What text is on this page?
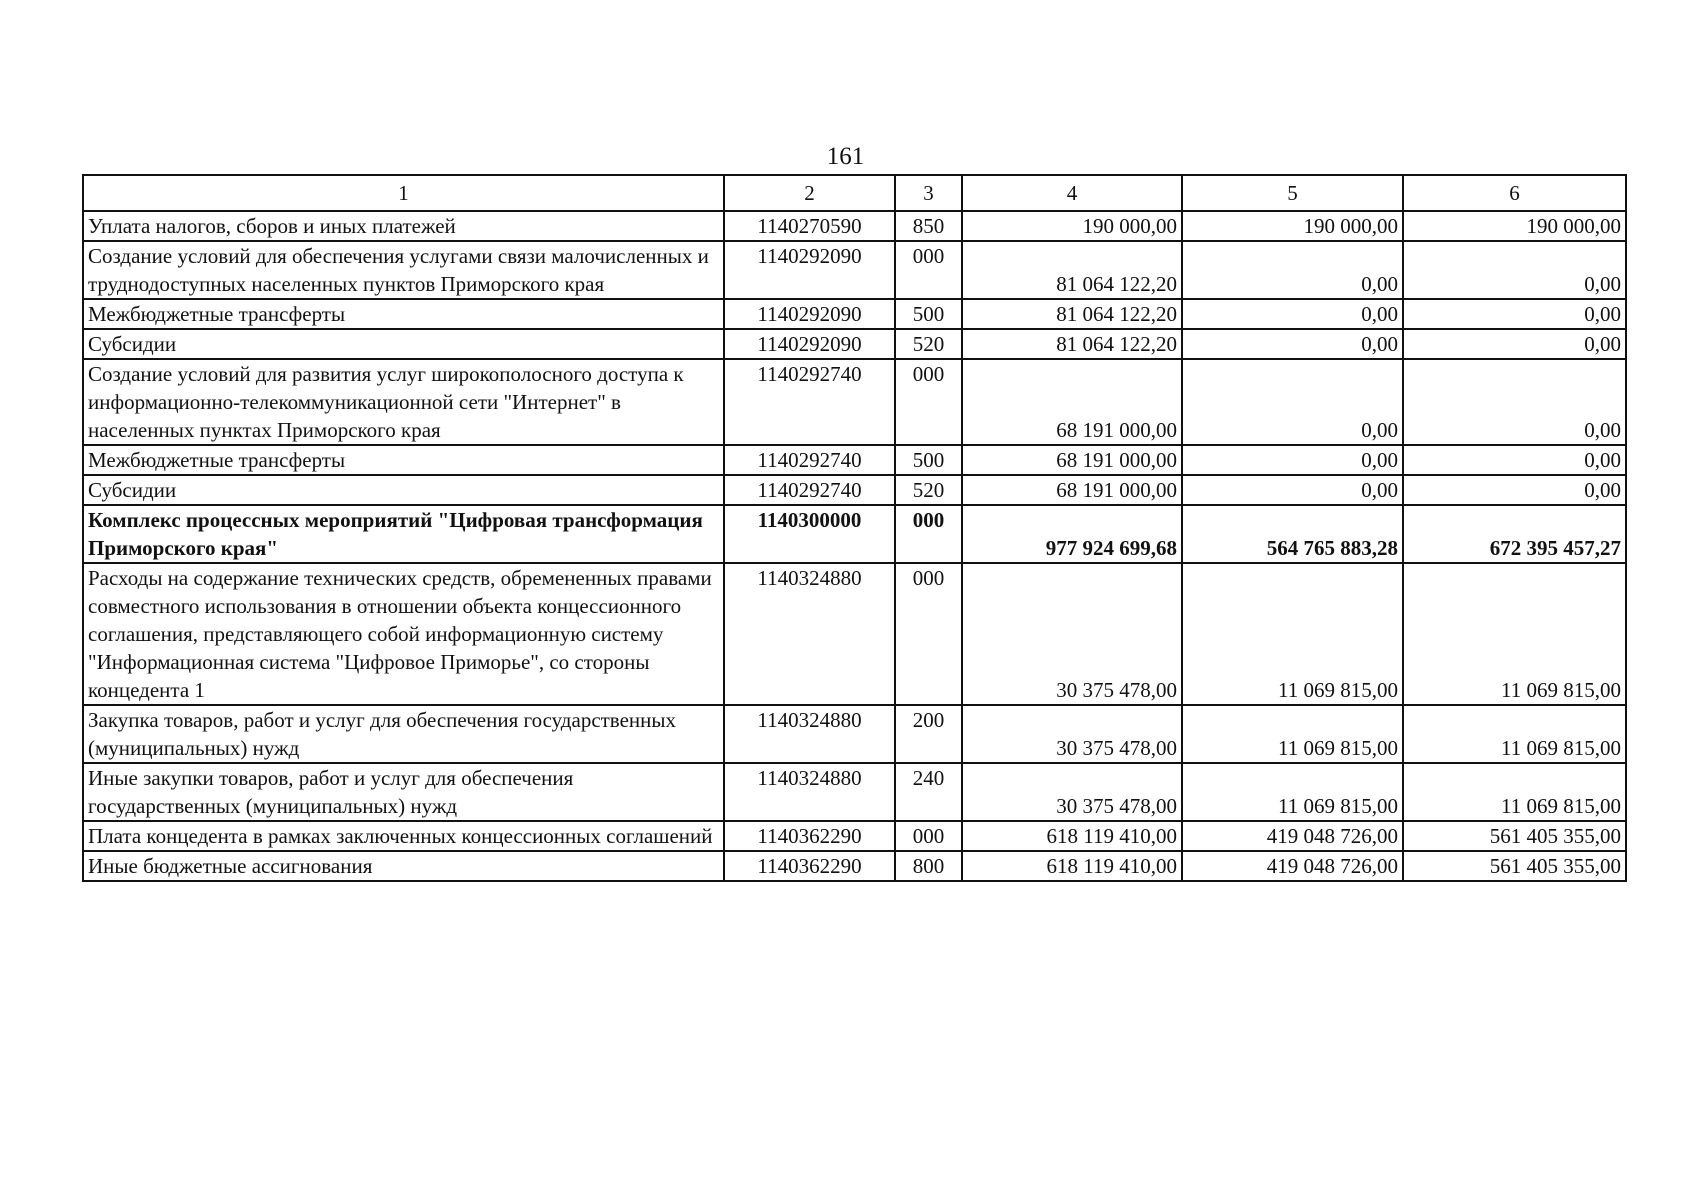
161
1	2	3	4	5	6
Уплата налогов, сборов и иных платежей	1140270590	850	190 000,00	190 000,00	190 000,00
Создание условий для обеспечения услугами связи малочисленных и труднодоступных населенных пунктов Приморского края	1140292090	000	81 064 122,20	0,00	0,00
Межбюджетные трансферты	1140292090	500	81 064 122,20	0,00	0,00
Субсидии	1140292090	520	81 064 122,20	0,00	0,00
Создание условий для развития услуг широкополосного доступа к информационно-телекоммуникационной сети "Интернет" в населенных пунктах Приморского края	1140292740	000	68 191 000,00	0,00	0,00
Межбюджетные трансферты	1140292740	500	68 191 000,00	0,00	0,00
Субсидии	1140292740	520	68 191 000,00	0,00	0,00
Комплекс процессных мероприятий "Цифровая трансформация Приморского края"	1140300000	000	977 924 699,68	564 765 883,28	672 395 457,27
Расходы на содержание технических средств, обремененных правами совместного использования в отношении объекта концессионного соглашения, представляющего собой информационную систему "Информационная система "Цифровое Приморье", со стороны концедента 1	1140324880	000	30 375 478,00	11 069 815,00	11 069 815,00
Закупка товаров, работ и услуг для обеспечения государственных (муниципальных) нужд	1140324880	200	30 375 478,00	11 069 815,00	11 069 815,00
Иные закупки товаров, работ и услуг для обеспечения государственных (муниципальных) нужд	1140324880	240	30 375 478,00	11 069 815,00	11 069 815,00
Плата концедента в рамках заключенных концессионных соглашений	1140362290	000	618 119 410,00	419 048 726,00	561 405 355,00
Иные бюджетные ассигнования	1140362290	800	618 119 410,00	419 048 726,00	561 405 355,00
